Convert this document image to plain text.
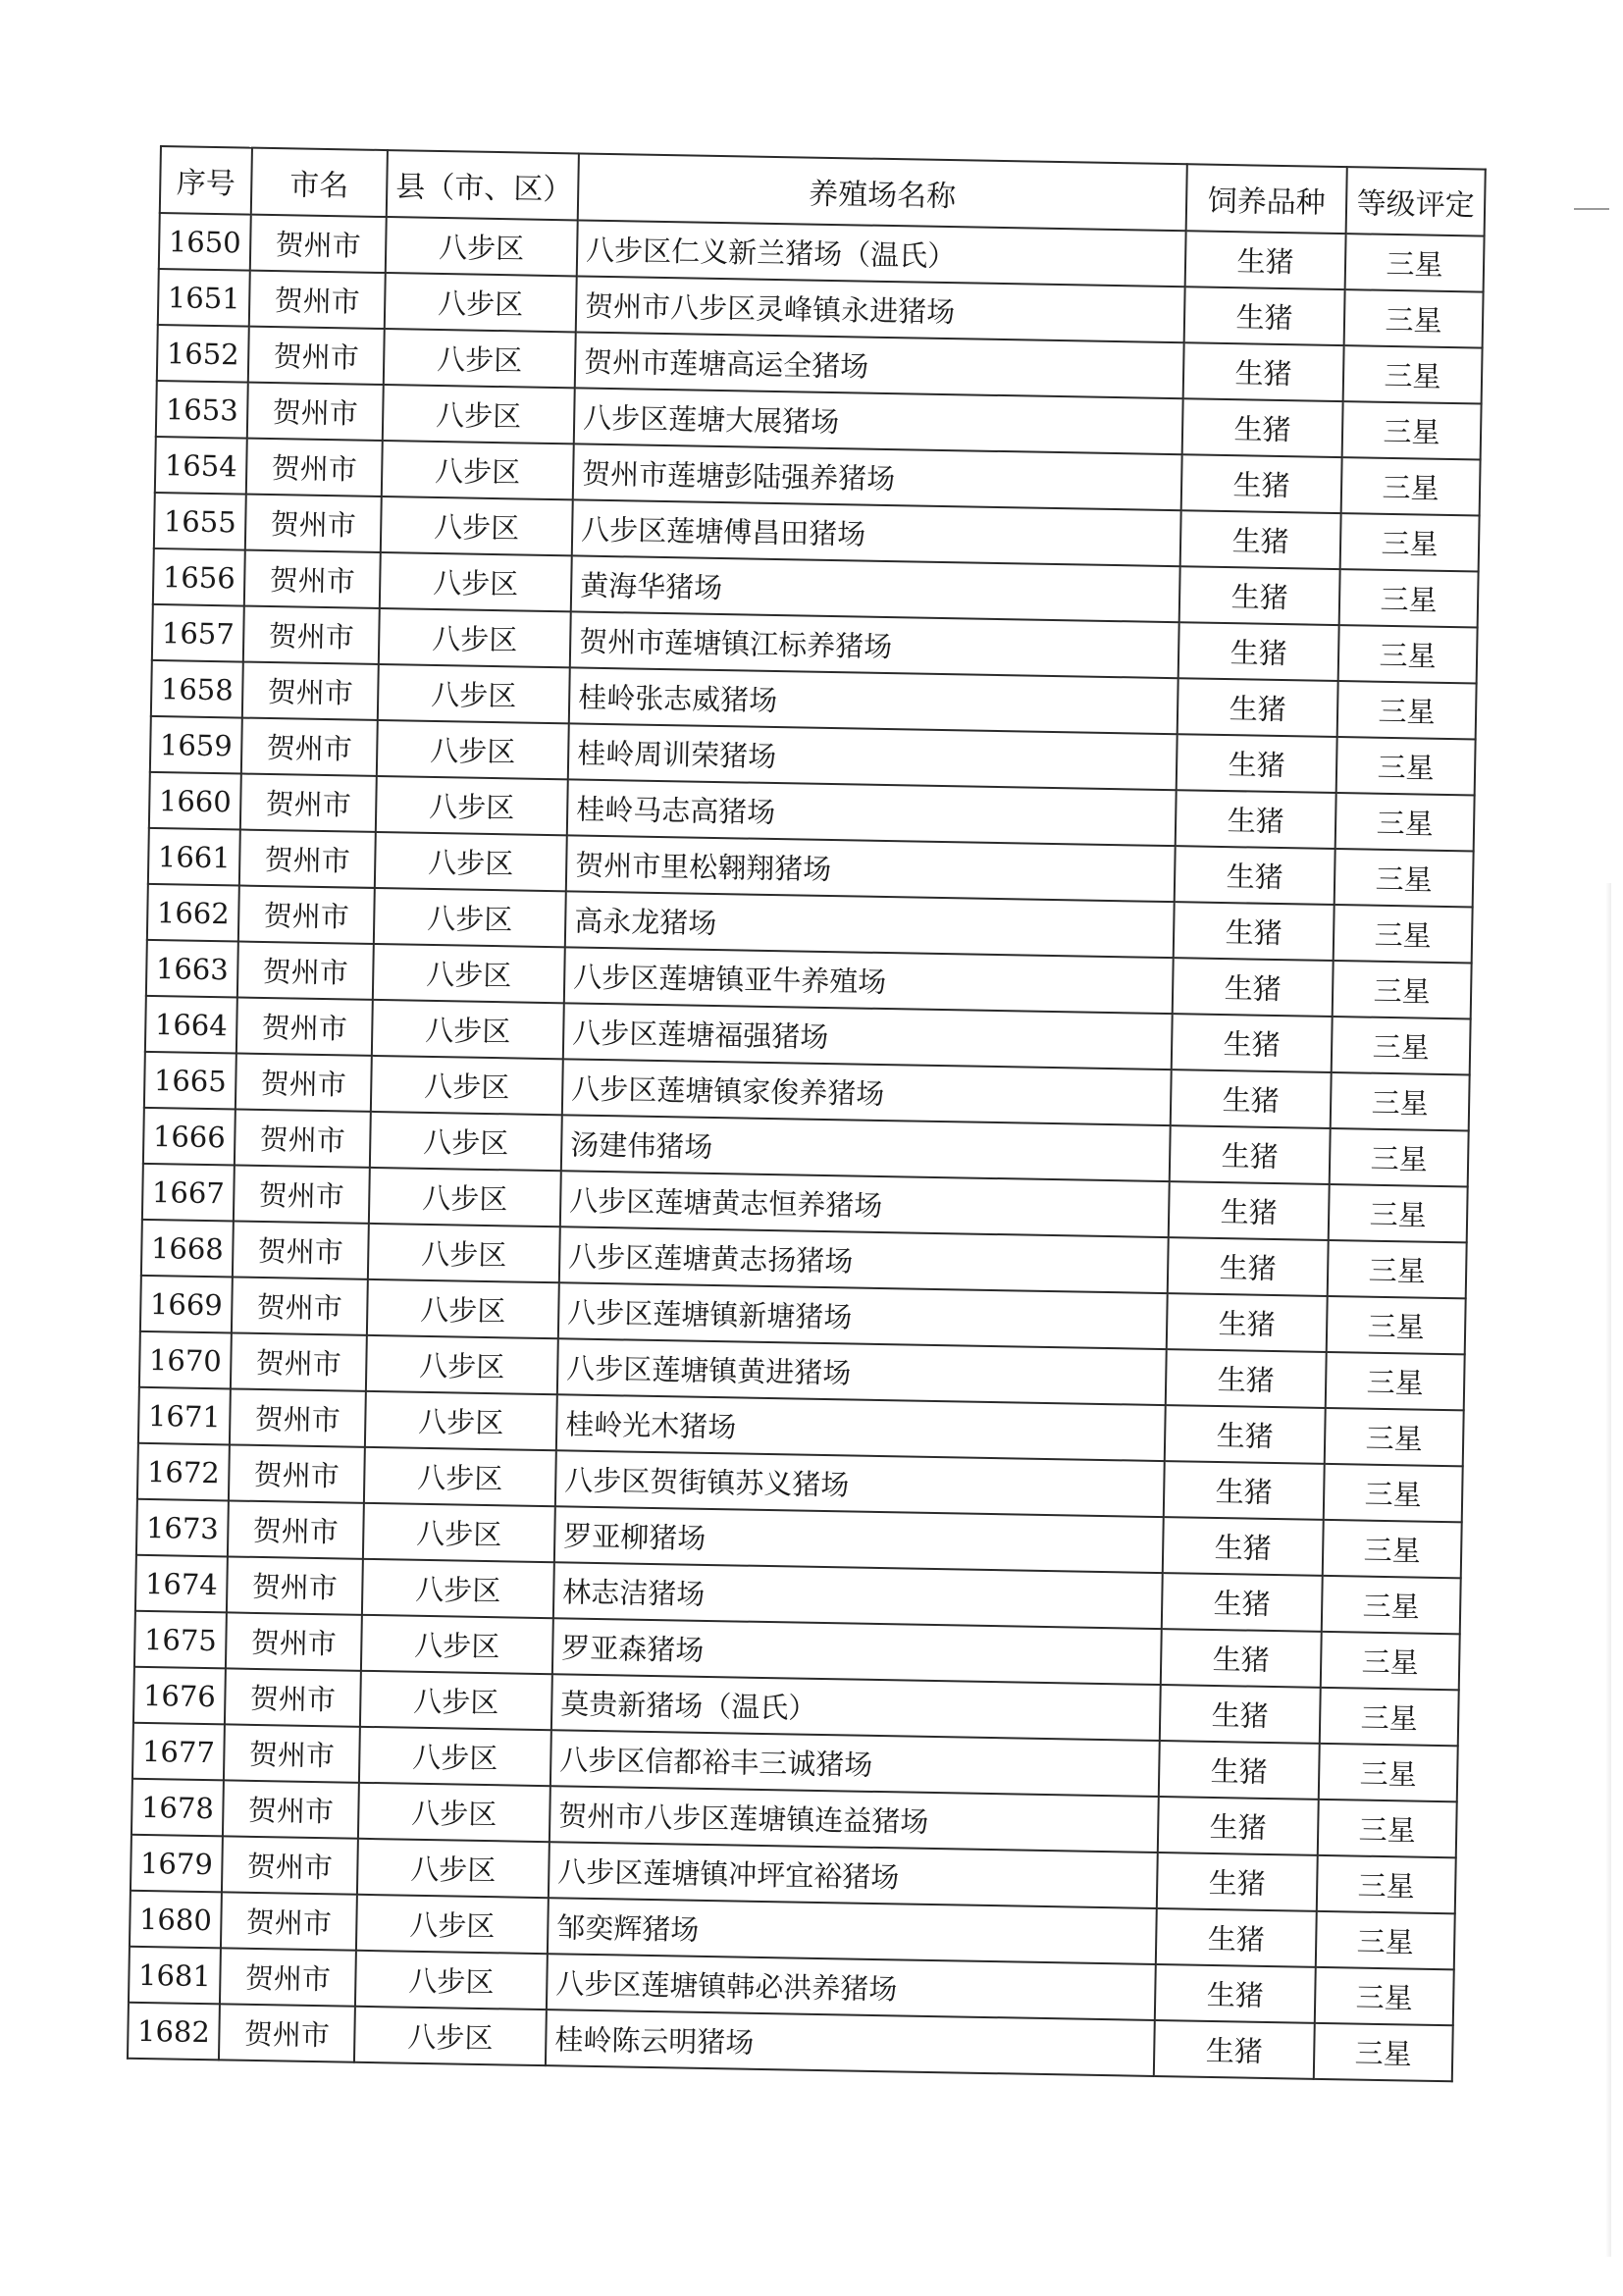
序号	市名	县（市、区）	养殖场名称	饲养品种	等级评定
1650	贺州市	八步区	八步区仁义新兰猪场（温氏）	生猪	三星
1651	贺州市	八步区	贺州市八步区灵峰镇永进猪场	生猪	三星
1652	贺州市	八步区	贺州市莲塘高运全猪场	生猪	三星
1653	贺州市	八步区	八步区莲塘大展猪场	生猪	三星
1654	贺州市	八步区	贺州市莲塘彭陆强养猪场	生猪	三星
1655	贺州市	八步区	八步区莲塘傅昌田猪场	生猪	三星
1656	贺州市	八步区	黄海华猪场	生猪	三星
1657	贺州市	八步区	贺州市莲塘镇江标养猪场	生猪	三星
1658	贺州市	八步区	桂岭张志威猪场	生猪	三星
1659	贺州市	八步区	桂岭周训荣猪场	生猪	三星
1660	贺州市	八步区	桂岭马志高猪场	生猪	三星
1661	贺州市	八步区	贺州市里松翱翔猪场	生猪	三星
1662	贺州市	八步区	高永龙猪场	生猪	三星
1663	贺州市	八步区	八步区莲塘镇亚牛养殖场	生猪	三星
1664	贺州市	八步区	八步区莲塘福强猪场	生猪	三星
1665	贺州市	八步区	八步区莲塘镇家俊养猪场	生猪	三星
1666	贺州市	八步区	汤建伟猪场	生猪	三星
1667	贺州市	八步区	八步区莲塘黄志恒养猪场	生猪	三星
1668	贺州市	八步区	八步区莲塘黄志扬猪场	生猪	三星
1669	贺州市	八步区	八步区莲塘镇新塘猪场	生猪	三星
1670	贺州市	八步区	八步区莲塘镇黄进猪场	生猪	三星
1671	贺州市	八步区	桂岭光木猪场	生猪	三星
1672	贺州市	八步区	八步区贺街镇苏义猪场	生猪	三星
1673	贺州市	八步区	罗亚柳猪场	生猪	三星
1674	贺州市	八步区	林志洁猪场	生猪	三星
1675	贺州市	八步区	罗亚森猪场	生猪	三星
1676	贺州市	八步区	莫贵新猪场（温氏）	生猪	三星
1677	贺州市	八步区	八步区信都裕丰三诚猪场	生猪	三星
1678	贺州市	八步区	贺州市八步区莲塘镇连益猪场	生猪	三星
1679	贺州市	八步区	八步区莲塘镇冲坪宜裕猪场	生猪	三星
1680	贺州市	八步区	邹奕辉猪场	生猪	三星
1681	贺州市	八步区	八步区莲塘镇韩必洪养猪场	生猪	三星
1682	贺州市	八步区	桂岭陈云明猪场	生猪	三星
